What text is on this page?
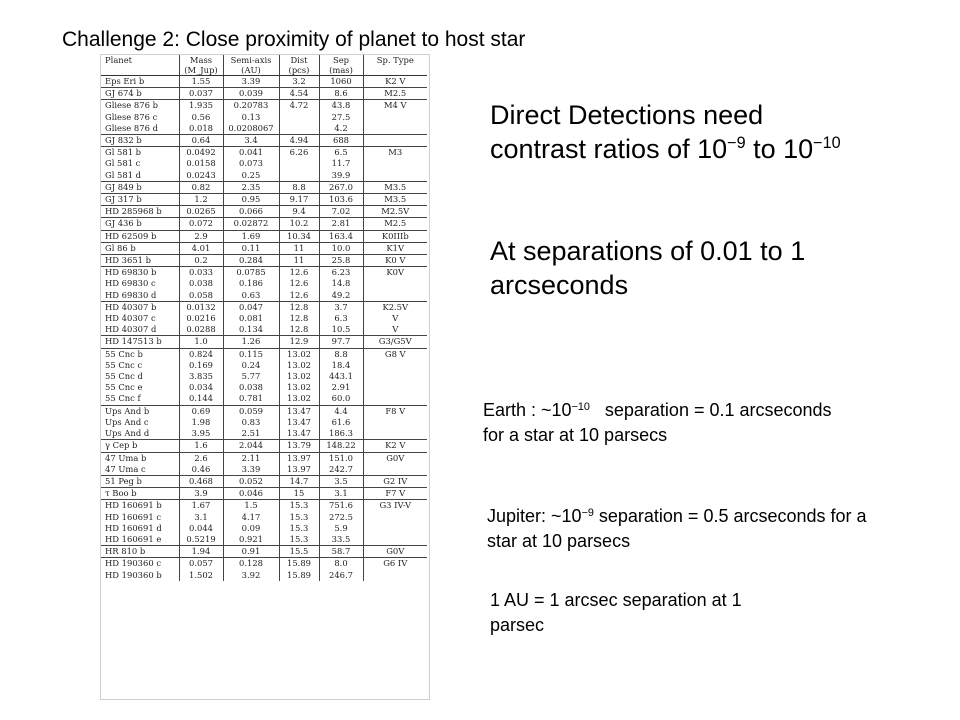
Challenge 2: Close proximity of planet to host star
Planet	Mass	Semi-axis	Dist	Sep	Sp. Type
	(M_Jup)	(AU)	(pcs)	(mas)	
Eps Eri b	1.55	3.39	3.2	1060	K2 V
GJ 674 b	0.037	0.039	4.54	8.6	M2.5
Gliese 876 b	1.935	0.20783	4.72	43.8	M4 V
Gliese 876 c	0.56	0.13		27.5	
Gliese 876 d	0.018	0.0208067		4.2	
GJ 832 b	0.64	3.4	4.94	688	
Gl 581 b	0.0492	0.041	6.26	6.5	M3
Gl 581 c	0.0158	0.073		11.7	
Gl 581 d	0.0243	0.25		39.9	
GJ 849 b	0.82	2.35	8.8	267.0	M3.5
GJ 317 b	1.2	0.95	9.17	103.6	M3.5
HD 285968 b	0.0265	0.066	9.4	7.02	M2.5V
GJ 436 b	0.072	0.02872	10.2	2.81	M2.5
HD 62509 b	2.9	1.69	10.34	163.4	K0IIIb
Gl 86 b	4.01	0.11	11	10.0	K1V
HD 3651 b	0.2	0.284	11	25.8	K0 V
HD 69830 b	0.033	0.0785	12.6	6.23	K0V
HD 69830 c	0.038	0.186	12.6	14.8	
HD 69830 d	0.058	0.63	12.6	49.2	
HD 40307 b	0.0132	0.047	12.8	3.7	K2.5V
HD 40307 c	0.0216	0.081	12.8	6.3	V
HD 40307 d	0.0288	0.134	12.8	10.5	V
HD 147513 b	1.0	1.26	12.9	97.7	G3/G5V
55 Cnc b	0.824	0.115	13.02	8.8	G8 V
55 Cnc c	0.169	0.24	13.02	18.4	
55 Cnc d	3.835	5.77	13.02	443.1	
55 Cnc e	0.034	0.038	13.02	2.91	
55 Cnc f	0.144	0.781	13.02	60.0	
Ups And b	0.69	0.059	13.47	4.4	F8 V
Ups And c	1.98	0.83	13.47	61.6	
Ups And d	3.95	2.51	13.47	186.3	
γ Cep b	1.6	2.044	13.79	148.22	K2 V
47 Uma b	2.6	2.11	13.97	151.0	G0V
47 Uma c	0.46	3.39	13.97	242.7	
51 Peg b	0.468	0.052	14.7	3.5	G2 IV
τ Boo b	3.9	0.046	15	3.1	F7 V
HD 160691 b	1.67	1.5	15.3	751.6	G3 IV-V
HD 160691 c	3.1	4.17	15.3	272.5	
HD 160691 d	0.044	0.09	15.3	5.9	
HD 160691 e	0.5219	0.921	15.3	33.5	
HR 810 b	1.94	0.91	15.5	58.7	G0V
HD 190360 c	0.057	0.128	15.89	8.0	G6 IV
HD 190360 b	1.502	3.92	15.89	246.7	
Direct Detections need contrast ratios of $10^{-9}$ to $10^{-10}$
At separations of 0.01 to 1 arcseconds
Earth : $\sim 10^{-10}$   separation = 0.1 arcseconds for a star at 10 parsecs
Jupiter: $\sim 10^{-9}$ separation = 0.5 arcseconds for a star at 10 parsecs
1 AU = 1 arcsec separation at 1 parsec
